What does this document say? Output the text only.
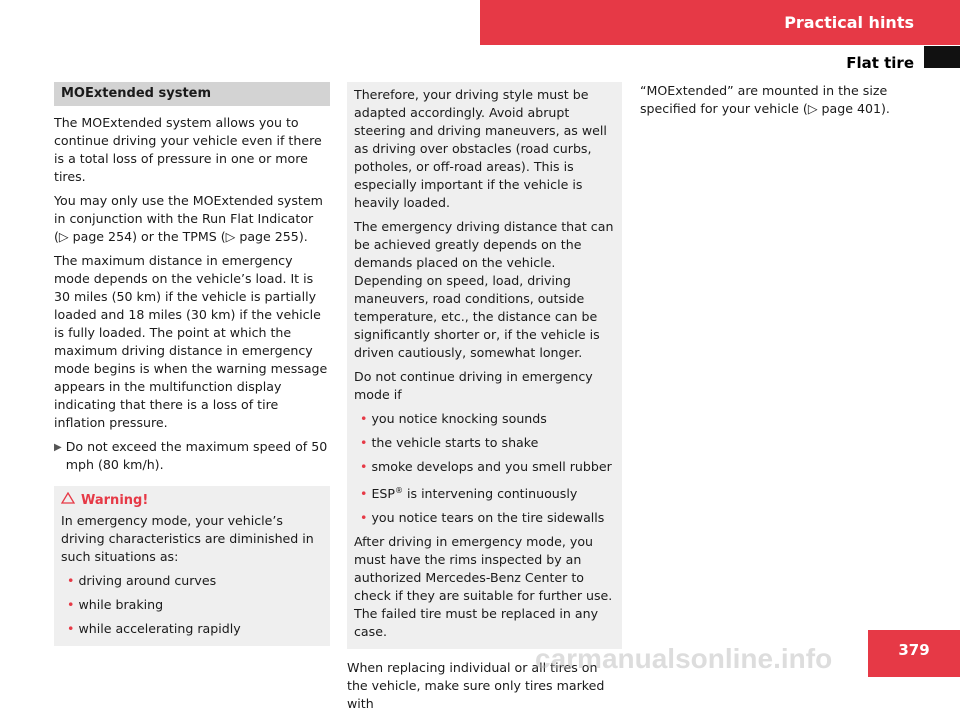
Practical hints
Flat tire
MOExtended system

The MOExtended system allows you to continue driving your vehicle even if there is a total loss of pressure in one or more tires.

You may only use the MOExtended system in conjunction with the Run Flat Indicator (▷ page 254) or the TPMS (▷ page 255).

The maximum distance in emergency mode depends on the vehicle’s load. It is 30 miles (50 km) if the vehicle is partially loaded and 18 miles (30 km) if the vehicle is fully loaded. The point at which the maximum driving distance in emergency mode begins is when the warning message appears in the multifunction display indicating that there is a loss of tire inflation pressure.

▶ Do not exceed the maximum speed of 50 mph (80 km/h).
Warning!

In emergency mode, your vehicle’s driving characteristics are diminished in such situations as:

• driving around curves
• while braking
• while accelerating rapidly

Therefore, your driving style must be adapted accordingly. Avoid abrupt steering and driving maneuvers, as well as driving over obstacles (road curbs, potholes, or off-road areas). This is especially important if the vehicle is heavily loaded.

The emergency driving distance that can be achieved greatly depends on the demands placed on the vehicle. Depending on speed, load, driving maneuvers, road conditions, outside temperature, etc., the distance can be significantly shorter or, if the vehicle is driven cautiously, somewhat longer.

Do not continue driving in emergency mode if

• you notice knocking sounds
• the vehicle starts to shake
• smoke develops and you smell rubber
• ESP® is intervening continuously
• you notice tears on the tire sidewalls

After driving in emergency mode, you must have the rims inspected by an authorized Mercedes-Benz Center to check if they are suitable for further use. The failed tire must be replaced in any case.

When replacing individual or all tires on the vehicle, make sure only tires marked with

“MOExtended” are mounted in the size specified for your vehicle (▷ page 401).

379
carmanualsonline.info
